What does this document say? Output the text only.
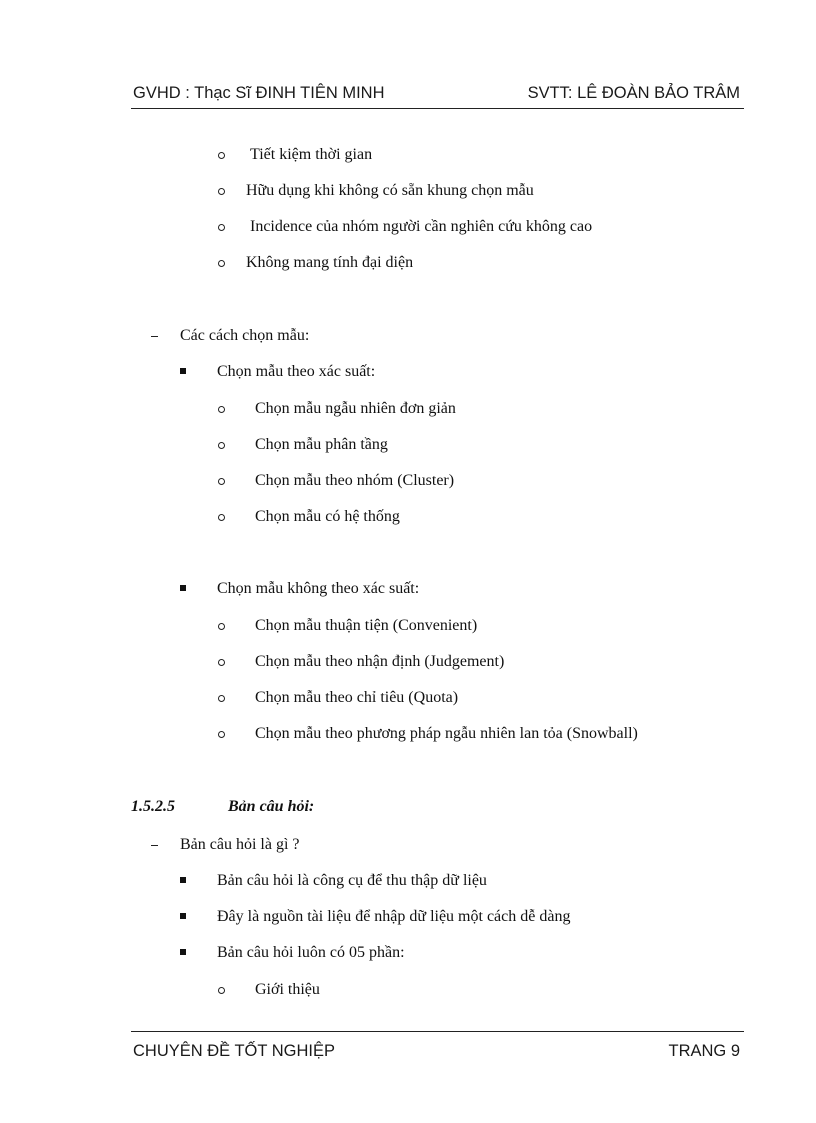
GVHD : Thạc Sĩ ĐINH TIÊN MINH	SVTT: LÊ ĐOÀN BẢO TRÂM
Tiết kiệm thời gian
Hữu dụng khi không có sẵn khung chọn mẫu
Incidence của nhóm người cần nghiên cứu không cao
Không mang tính đại diện
Các cách chọn mẫu:
Chọn mẫu theo xác suất:
Chọn mẫu ngẫu nhiên đơn giản
Chọn mẫu phân tầng
Chọn mẫu theo nhóm (Cluster)
Chọn mẫu có hệ thống
Chọn mẫu không theo xác suất:
Chọn mẫu thuận tiện (Convenient)
Chọn mẫu theo nhận định (Judgement)
Chọn mẫu theo chỉ tiêu (Quota)
Chọn mẫu theo phương pháp ngẫu nhiên lan tỏa (Snowball)
1.5.2.5	Bản câu hỏi:
Bản câu hỏi là gì ?
Bản câu hỏi là công cụ để thu thập dữ liệu
Đây là nguồn tài liệu để nhập dữ liệu một cách dễ dàng
Bản câu hỏi luôn có 05 phần:
Giới thiệu
CHUYÊN ĐỀ TỐT NGHIỆP	TRANG 9
